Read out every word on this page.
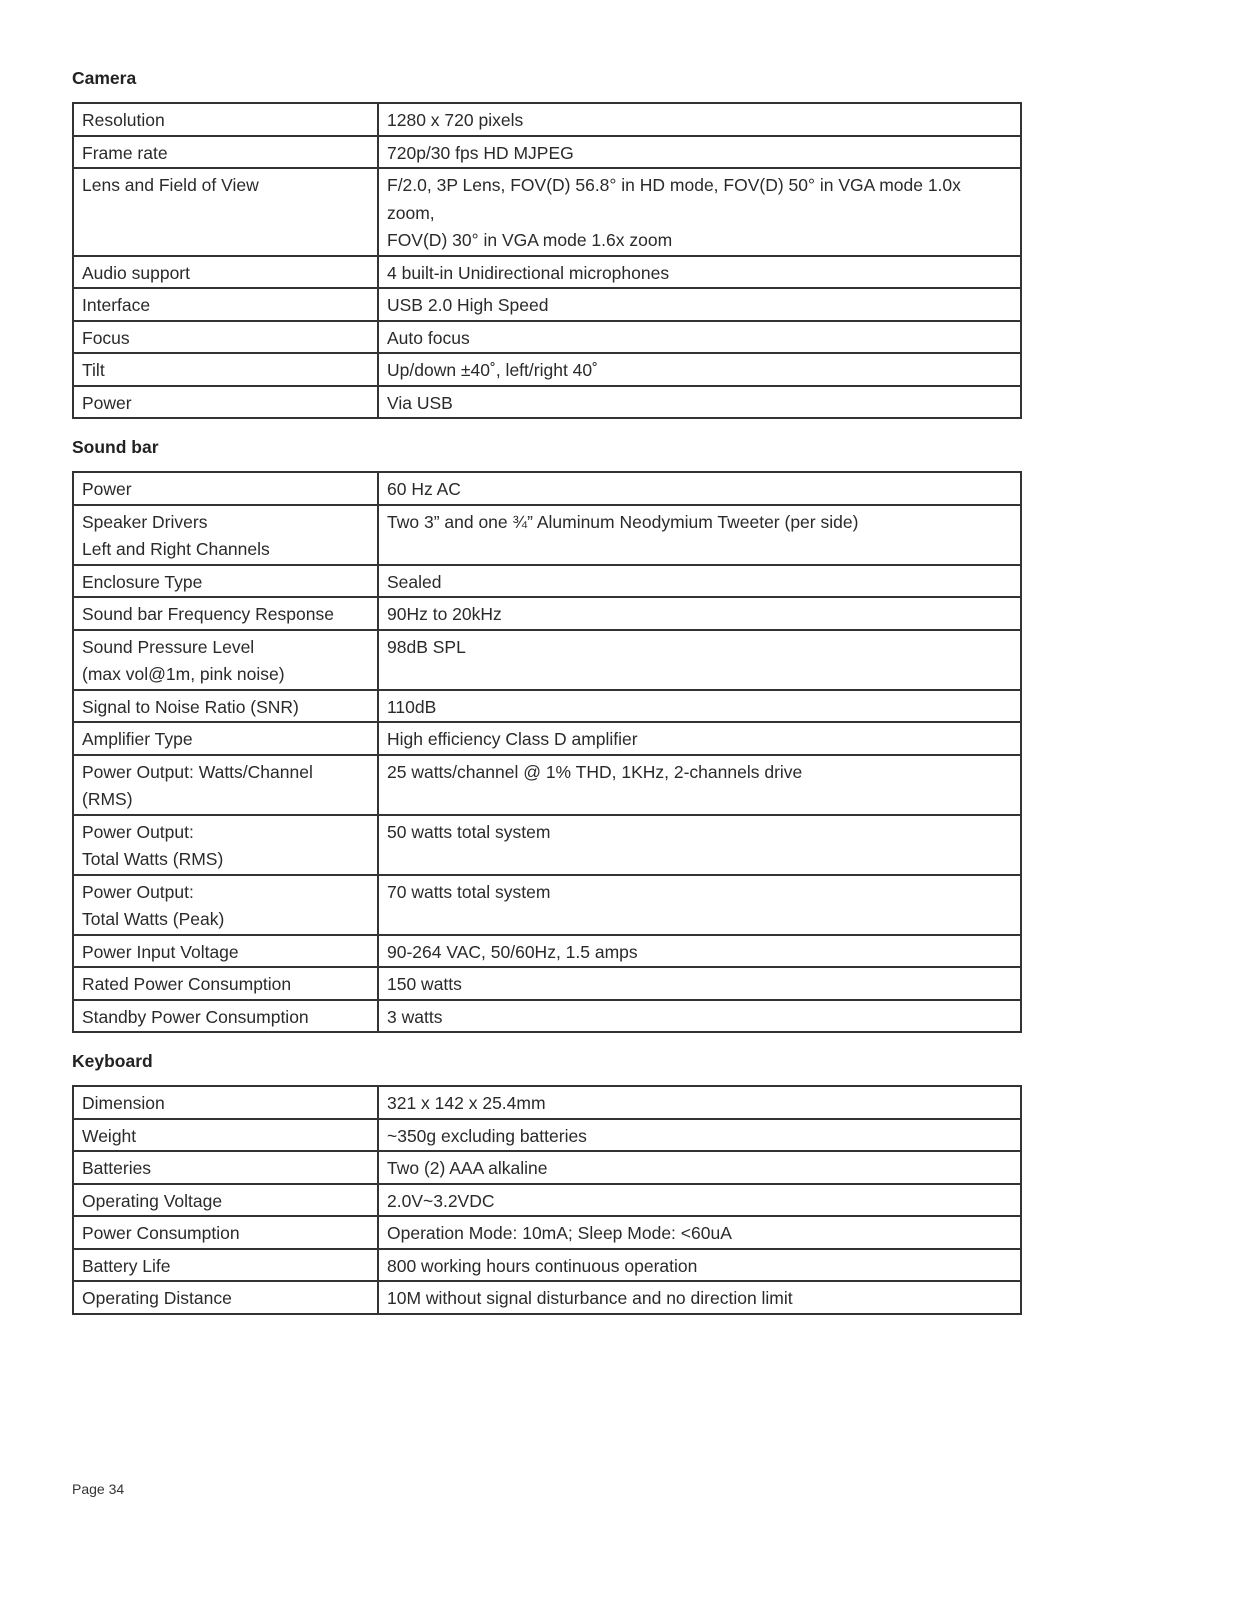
Camera
Resolution	1280 x 720 pixels

Frame rate	720p/30 fps HD MJPEG

Lens and Field of View	F/2.0, 3P Lens, FOV(D) 56.8° in HD mode, FOV(D) 50° in VGA mode 1.0x zoom,
FOV(D) 30° in VGA mode 1.6x zoom

Audio support	4 built-in Unidirectional microphones

Interface	USB 2.0 High Speed

Focus	Auto focus

Tilt	Up/down ±40˚, left/right 40˚

Power	Via USB
Sound bar
Power	60 Hz AC

Speaker Drivers
Left and Right Channels	Two 3” and one ¾” Aluminum Neodymium Tweeter (per side)

Enclosure Type	Sealed

Sound bar Frequency Response	90Hz to 20kHz

Sound Pressure Level
(max vol@1m, pink noise)	98dB SPL

Signal to Noise Ratio (SNR)	110dB

Amplifier Type	High efficiency Class D amplifier

Power Output: Watts/Channel
(RMS)	25 watts/channel @ 1% THD, 1KHz, 2-channels drive

Power Output:
Total Watts (RMS)	50 watts total system

Power Output:
Total Watts (Peak)	70 watts total system

Power Input Voltage	90-264 VAC, 50/60Hz, 1.5 amps

Rated Power Consumption	150 watts

Standby Power Consumption	3 watts
Keyboard
Dimension	321 x 142 x 25.4mm

Weight	~350g excluding batteries

Batteries	Two (2) AAA alkaline

Operating Voltage	2.0V~3.2VDC

Power Consumption	Operation Mode: 10mA; Sleep Mode: <60uA

Battery Life	800 working hours continuous operation

Operating Distance	10M without signal disturbance and no direction limit
Page 34
